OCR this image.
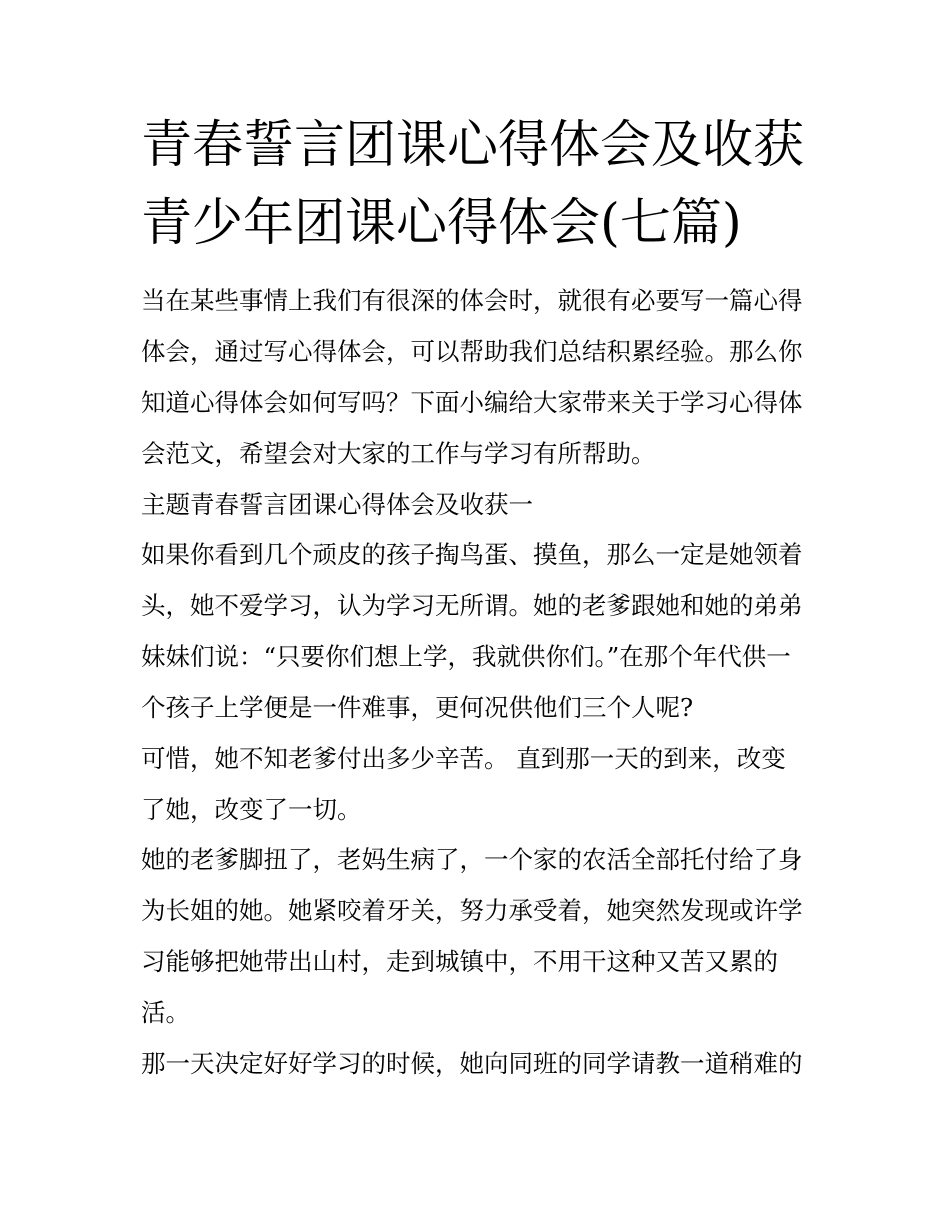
青春誓言团课心得体会及收获
青少年团课心得体会(七篇)
当在某些事情上我们有很深的体会时，就很有必要写一篇心得
体会，通过写心得体会，可以帮助我们总结积累经验。那么你
知道心得体会如何写吗？下面小编给大家带来关于学习心得体
会范文，希望会对大家的工作与学习有所帮助。
主题青春誓言团课心得体会及收获一
如果你看到几个顽皮的孩子掏鸟蛋、摸鱼，那么一定是她领着
头，她不爱学习，认为学习无所谓。她的老爹跟她和她的弟弟
妹妹们说：“只要你们想上学，我就供你们。”在那个年代供一
个孩子上学便是一件难事，更何况供他们三个人呢?
可惜，她不知老爹付出多少辛苦。 直到那一天的到来，改变
了她，改变了一切。
她的老爹脚扭了，老妈生病了，一个家的农活全部托付给了身
为长姐的她。她紧咬着牙关，努力承受着，她突然发现或许学
习能够把她带出山村，走到城镇中，不用干这种又苦又累的
活。
那一天决定好好学习的时候，她向同班的同学请教一道稍难的
